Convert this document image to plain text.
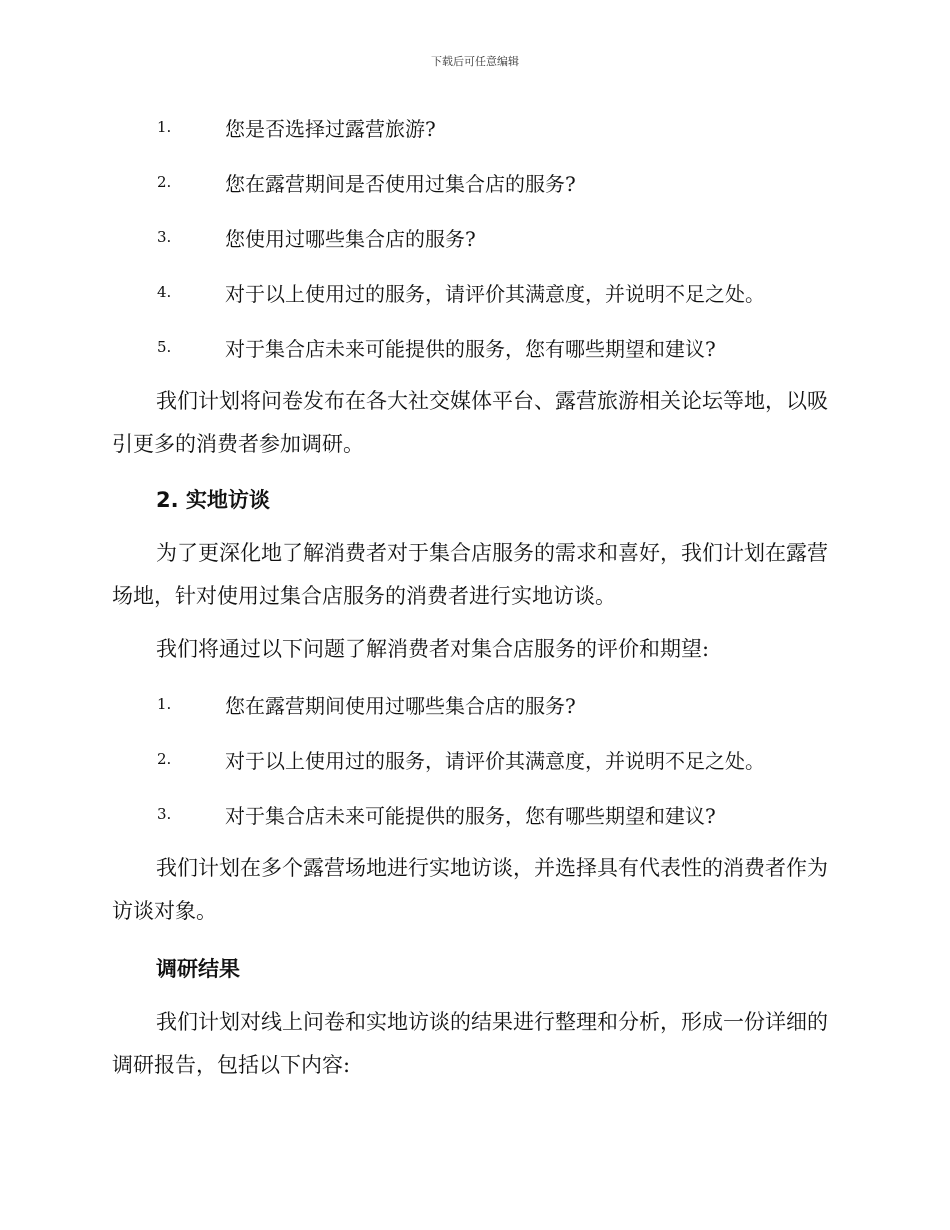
下载后可任意编辑
1.	您是否选择过露营旅游?
2.	您在露营期间是否使用过集合店的服务?
3.	您使用过哪些集合店的服务?
4.	对于以上使用过的服务，请评价其满意度，并说明不足之处。
5.	对于集合店未来可能提供的服务，您有哪些期望和建议?

我们计划将问卷发布在各大社交媒体平台、露营旅游相关论坛等地，以吸引更多的消费者参加调研。

2. 实地访谈

为了更深化地了解消费者对于集合店服务的需求和喜好，我们计划在露营场地，针对使用过集合店服务的消费者进行实地访谈。

我们将通过以下问题了解消费者对集合店服务的评价和期望:

1.	您在露营期间使用过哪些集合店的服务?
2.	对于以上使用过的服务，请评价其满意度，并说明不足之处。
3.	对于集合店未来可能提供的服务，您有哪些期望和建议?

我们计划在多个露营场地进行实地访谈，并选择具有代表性的消费者作为访谈对象。

调研结果

我们计划对线上问卷和实地访谈的结果进行整理和分析，形成一份详细的调研报告，包括以下内容:
